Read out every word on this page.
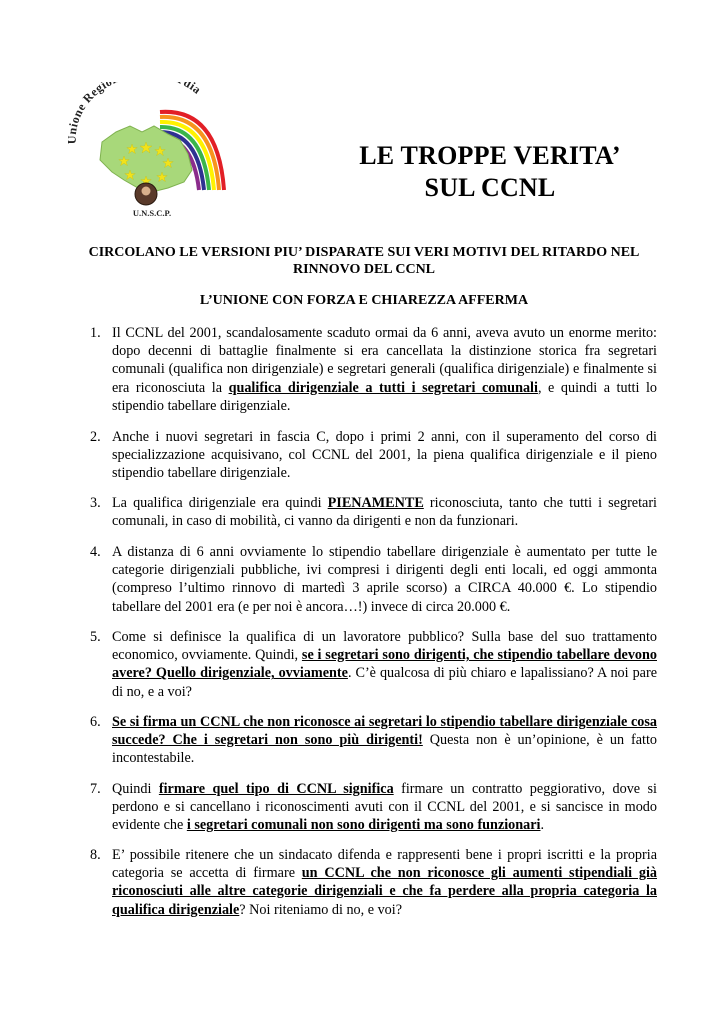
one Regi dia
U.N.S.C.P.
LE TROPPE VERITA’
SUL CCNL
CIRCOLANO LE VERSIONI PIU’ DISPARATE SUI VERI MOTIVI DEL RITARDO NEL RINNOVO DEL CCNL
L’UNIONE CON FORZA E CHIAREZZA AFFERMA
1. Il CCNL del 2001, scandalosamente scaduto ormai da 6 anni, aveva avuto un enorme merito: dopo decenni di battaglie finalmente si era cancellata la distinzione storica fra segretari comunali (qualifica non dirigenziale) e segretari generali (qualifica dirigenziale) e finalmente si era riconosciuta la qualifica dirigenziale a tutti i segretari comunali, e quindi a tutti lo stipendio tabellare dirigenziale.
2. Anche i nuovi segretari in fascia C, dopo i primi 2 anni, con il superamento del corso di specializzazione acquisivano, col CCNL del 2001, la piena qualifica dirigenziale e il pieno stipendio tabellare dirigenziale.
3. La qualifica dirigenziale era quindi PIENAMENTE riconosciuta, tanto che tutti i segretari comunali, in caso di mobilità, ci vanno da dirigenti e non da funzionari.
4. A distanza di 6 anni ovviamente lo stipendio tabellare dirigenziale è aumentato per tutte le categorie dirigenziali pubbliche, ivi compresi i dirigenti degli enti locali, ed oggi ammonta (compreso l’ultimo rinnovo di martedì 3 aprile scorso) a CIRCA 40.000 €. Lo stipendio tabellare del 2001 era (e per noi è ancora…!) invece di circa 20.000 €.
5. Come si definisce la qualifica di un lavoratore pubblico? Sulla base del suo trattamento economico, ovviamente. Quindi, se i segretari sono dirigenti, che stipendio tabellare devono avere? Quello dirigenziale, ovviamente. C’è qualcosa di più chiaro e lapalissiano? A noi pare di no, e a voi?
6. Se si firma un CCNL che non riconosce ai segretari lo stipendio tabellare dirigenziale cosa succede? Che i segretari non sono più dirigenti! Questa non è un’opinione, è un fatto incontestabile.
7. Quindi firmare quel tipo di CCNL significa firmare un contratto peggiorativo, dove si perdono e si cancellano i riconoscimenti avuti con il CCNL del 2001, e si sancisce in modo evidente che i segretari comunali non sono dirigenti ma sono funzionari.
8. E’ possibile ritenere che un sindacato difenda e rappresenti bene i propri iscritti e la propria categoria se accetta di firmare un CCNL che non riconosce gli aumenti stipendiali già riconosciuti alle altre categorie dirigenziali e che fa perdere alla propria categoria la qualifica dirigenziale? Noi riteniamo di no, e voi?
